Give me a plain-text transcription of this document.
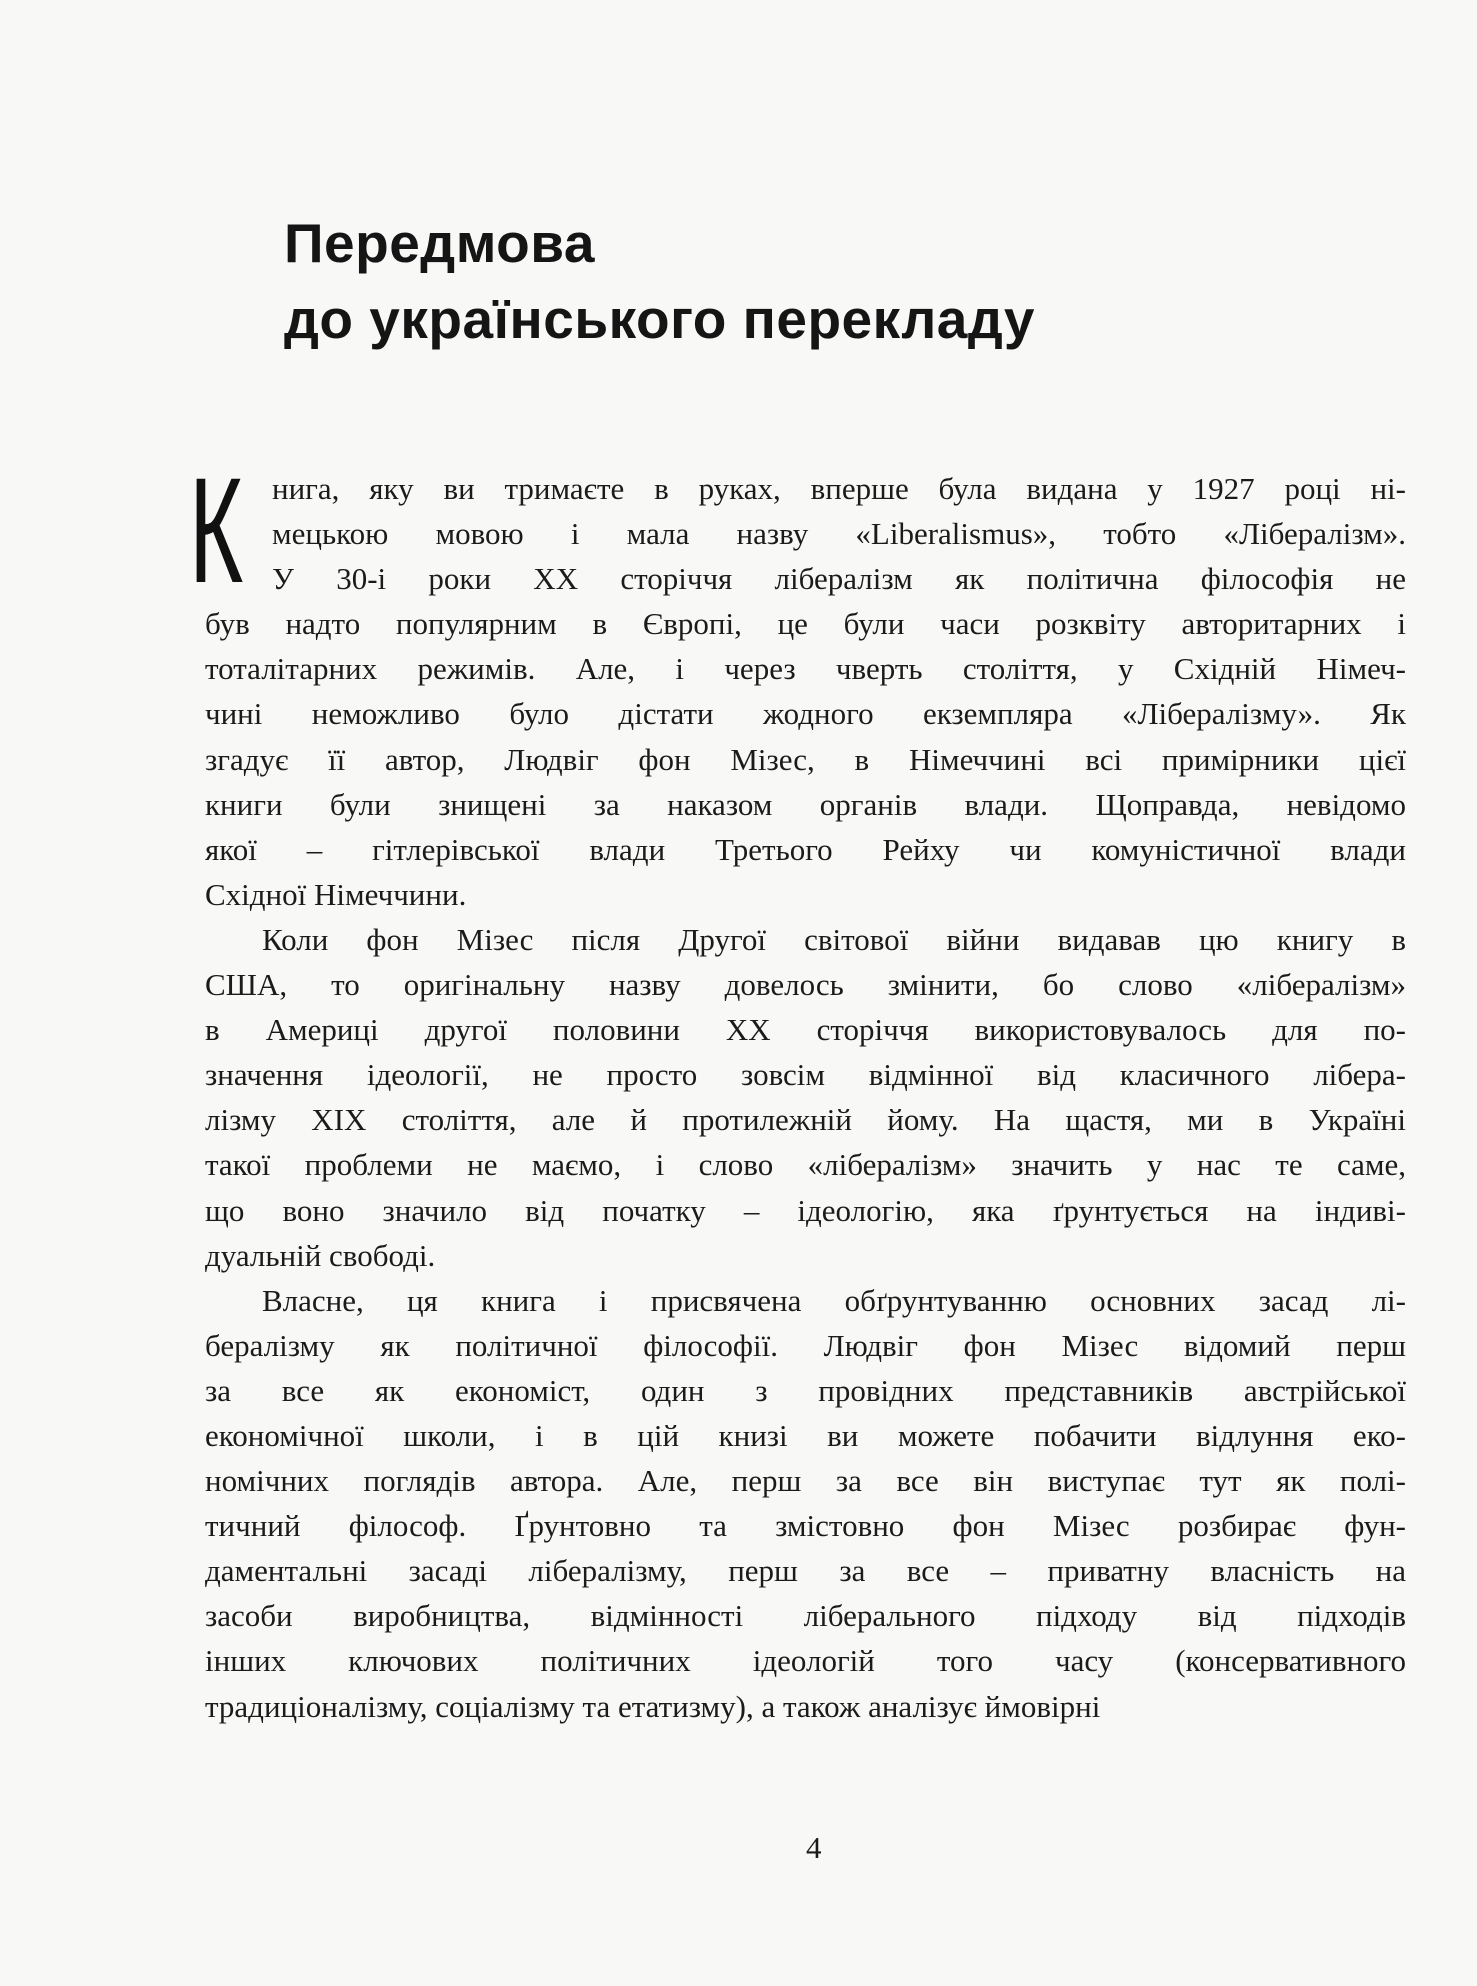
Передмова
до українського перекладу
К нига, яку ви тримаєте в руках, вперше була видана у 1927 році ні-
мецькою мовою і мала назву «Liberalismus», тобто «Лібералізм».
У 30-і роки XX сторіччя лібералізм як політична філософія не
був надто популярним в Європі, це були часи розквіту авторитарних і
тоталітарних режимів. Але, і через чверть століття, у Східній Німеч-
чині неможливо було дістати жодного екземпляра «Лібералізму». Як
згадує її автор, Людвіг фон Мізес, в Німеччині всі примірники цієї
книги були знищені за наказом органів влади. Щоправда, невідомо
якої – гітлерівської влади Третього Рейху чи комуністичної влади
Східної Німеччини.
Коли фон Мізес після Другої світової війни видавав цю книгу в
США, то оригінальну назву довелось змінити, бо слово «лібералізм»
в Америці другої половини XX сторіччя використовувалось для по-
значення ідеології, не просто зовсім відмінної від класичного лібера-
лізму XIX століття, але й протилежній йому. На щастя, ми в Україні
такої проблеми не маємо, і слово «лібералізм» значить у нас те саме,
що воно значило від початку – ідеологію, яка ґрунтується на індиві-
дуальній свободі.
Власне, ця книга і присвячена обґрунтуванню основних засад лі-
бералізму як політичної філософії. Людвіг фон Мізес відомий перш
за все як економіст, один з провідних представників австрійської
економічної школи, і в цій книзі ви можете побачити відлуння еко-
номічних поглядів автора. Але, перш за все він виступає тут як полі-
тичний філософ. Ґрунтовно та змістовно фон Мізес розбирає фун-
даментальні засаді лібералізму, перш за все – приватну власність на
засоби виробництва, відмінності ліберального підходу від підходів
інших ключових політичних ідеологій того часу (консервативного
традиціоналізму, соціалізму та етатизму), а також аналізує ймовірні
4
